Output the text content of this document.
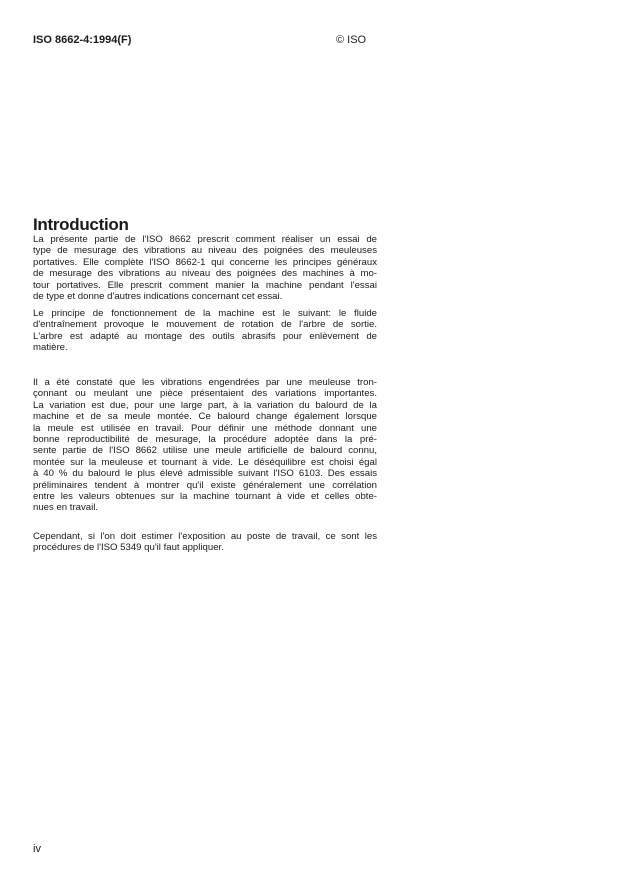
ISO 8662-4:1994(F)	© ISO
Introduction
La présente partie de l'ISO 8662 prescrit comment réaliser un essai de
type de mesurage des vibrations au niveau des poignées des meuleuses
portatives. Elle complète l'ISO 8662-1 qui concerne les principes généraux
de mesurage des vibrations au niveau des poignées des machines à mo-
tour portatives. Elle prescrit comment manier la machine pendant l'essai
de type et donne d'autres indications concernant cet essai.
Le principe de fonctionnement de la machine est le suivant: le fluide
d'entraînement provoque le mouvement de rotation de l'arbre de sortie.
L'arbre est adapté au montage des outils abrasifs pour enlèvement de
matière.
Il a été constaté que les vibrations engendrées par une meuleuse tron-
çonnant ou meulant une pièce présentaient des variations importantes.
La variation est due, pour une large part, à la variation du balourd de la
machine et de sa meule montée. Ce balourd change également lorsque
la meule est utilisée en travail. Pour définir une méthode donnant une
bonne reproductibilité de mesurage, la procédure adoptée dans la pré-
sente partie de l'ISO 8662 utilise une meule artificielle de balourd connu,
montée sur la meuleuse et tournant à vide. Le déséquilibre est choisi égal
à 40 % du balourd le plus élevé admissible suivant l'ISO 6103. Des essais
préliminaires tendent à montrer qu'il existe généralement une corrélation
entre les valeurs obtenues sur la machine tournant à vide et celles obte-
nues en travail.
Cependant, si l'on doit estimer l'exposition au poste de travail, ce sont les
procédures de l'ISO 5349 qu'il faut appliquer.
iv
